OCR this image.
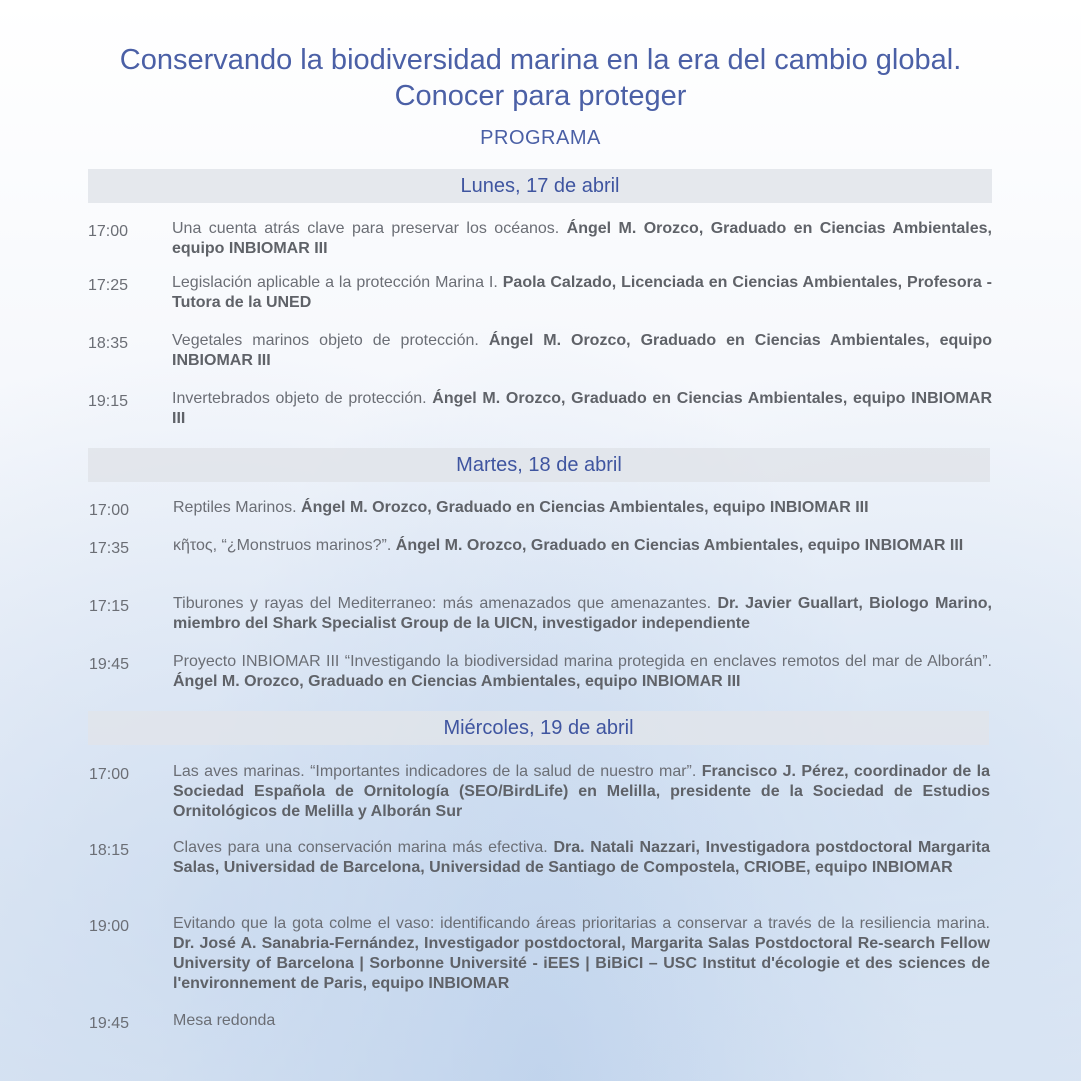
Conservando la biodiversidad marina en la era del cambio global.
Conocer para proteger
PROGRAMA
Lunes, 17 de abril
17:00	Una cuenta atrás clave para preservar los océanos. Ángel M. Orozco, Graduado en Ciencias Ambientales, equipo INBIOMAR III
17:25	Legislación aplicable a la protección Marina I. Paola Calzado, Licenciada en Ciencias Ambientales, Profesora - Tutora de la UNED
18:35	Vegetales marinos objeto de protección. Ángel M. Orozco, Graduado en Ciencias Ambientales, equipo INBIOMAR III
19:15	Invertebrados objeto de protección. Ángel M. Orozco, Graduado en Ciencias Ambientales, equipo INBIOMAR III
Martes, 18 de abril
17:00	Reptiles Marinos. Ángel M. Orozco, Graduado en Ciencias Ambientales, equipo INBIOMAR III
17:35	κῆτος, “¿Monstruos marinos?”. Ángel M. Orozco, Graduado en Ciencias Ambientales, equipo INBIOMAR III
17:15	Tiburones y rayas del Mediterraneo: más amenazados que amenazantes. Dr. Javier Guallart, Biologo Marino, miembro del Shark Specialist Group de la UICN, investigador independiente
19:45	Proyecto INBIOMAR III “Investigando la biodiversidad marina protegida en enclaves remotos del mar de Alborán”. Ángel M. Orozco, Graduado en Ciencias Ambientales, equipo INBIOMAR III
Miércoles, 19 de abril
17:00	Las aves marinas. “Importantes indicadores de la salud de nuestro mar”. Francisco J. Pérez, coordinador de la Sociedad Española de Ornitología (SEO/BirdLife) en Melilla, presidente de la Sociedad de Estudios Ornitológicos de Melilla y Alborán Sur
18:15	Claves para una conservación marina más efectiva. Dra. Natali Nazzari, Investigadora postdoctoral Margarita Salas, Universidad de Barcelona, Universidad de Santiago de Compostela, CRIOBE, equipo INBIOMAR
19:00	Evitando que la gota colme el vaso: identificando áreas prioritarias a conservar a través de la resiliencia marina. Dr. José A. Sanabria-Fernández, Investigador postdoctoral, Margarita Salas Postdoctoral Re-search Fellow University of Barcelona | Sorbonne Université - iEES | BiBiCI – USC Institut d'écologie et des sciences de l'environnement de Paris, equipo INBIOMAR
19:45	Mesa redonda
